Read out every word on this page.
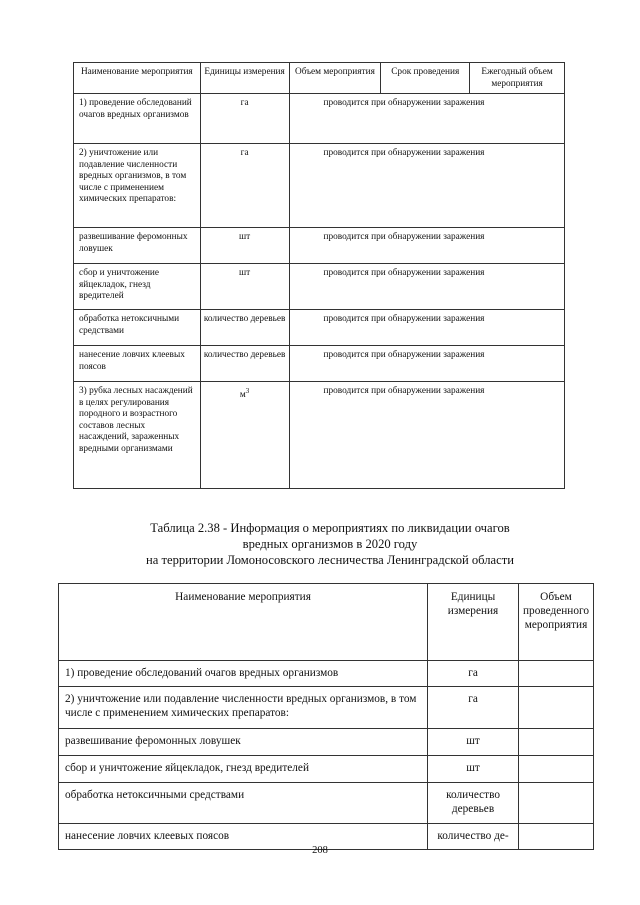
Наименование мероприятия	Единицы измерения	Объем мероприятия	Срок проведения	Ежегодный объем мероприятия
1) проведение обследований очагов вредных организмов	га	проводится при обнаружении заражения		
2) уничтожение или подавление численности вредных организмов, в том числе с применением химических препаратов:	га	проводится при обнаружении заражения		
развешивание феромонных ловушек	шт	проводится при обнаружении заражения		
сбор и уничтожение яйцекладок, гнезд вредителей	шт	проводится при обнаружении заражения		
обработка нетоксичными средствами	количество деревьев	проводится при обнаружении заражения		
нанесение ловчих клеевых поясов	количество деревьев	проводится при обнаружении заражения		
3) рубка лесных насаждений в целях регулирования породного и возрастного составов лесных насаждений, зараженных вредными организмами	$м^3$	проводится при обнаружении заражения		
Таблица 2.38 - Информация о мероприятиях по ликвидации очагов
вредных организмов в 2020 году
на территории Ломоносовского лесничества Ленинградской области
Наименование мероприятия	Единицы измерения	Объем проведенного мероприятия
1) проведение обследований очагов вредных организмов	га	
2) уничтожение или подавление численности вредных организмов, в том числе с применением химических препаратов:	га	
развешивание феромонных ловушек	шт	
сбор и уничтожение яйцекладок, гнезд вредителей	шт	
обработка нетоксичными средствами	количество деревьев	
нанесение ловчих клеевых поясов	количество де-	
208
